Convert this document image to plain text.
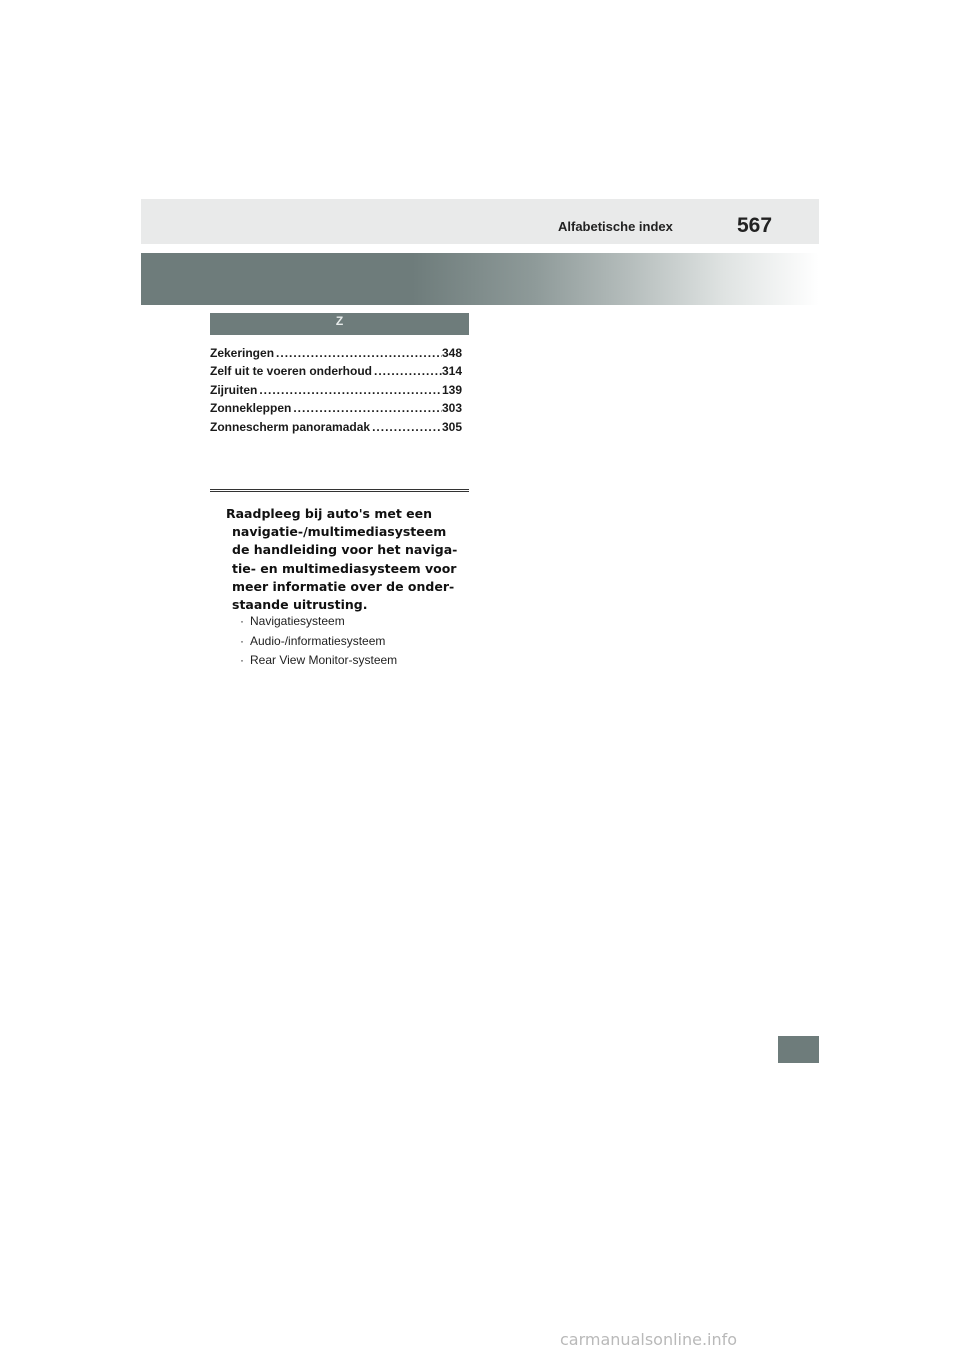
Alfabetische index	567
Z
Zekeringen .....	348
Zelf uit te voeren onderhoud .....	314
Zijruiten .....	139
Zonnekleppen .....	303
Zonnescherm panoramadak .....	305

Raadpleeg bij auto's met een
navigatie-/multimediasysteem
de handleiding voor het naviga-
tie- en multimediasysteem voor
meer informatie over de onder-
staande uitrusting.

· Navigatiesysteem
· Audio-/informatiesysteem
· Rear View Monitor-systeem
carmanualsonline.info
